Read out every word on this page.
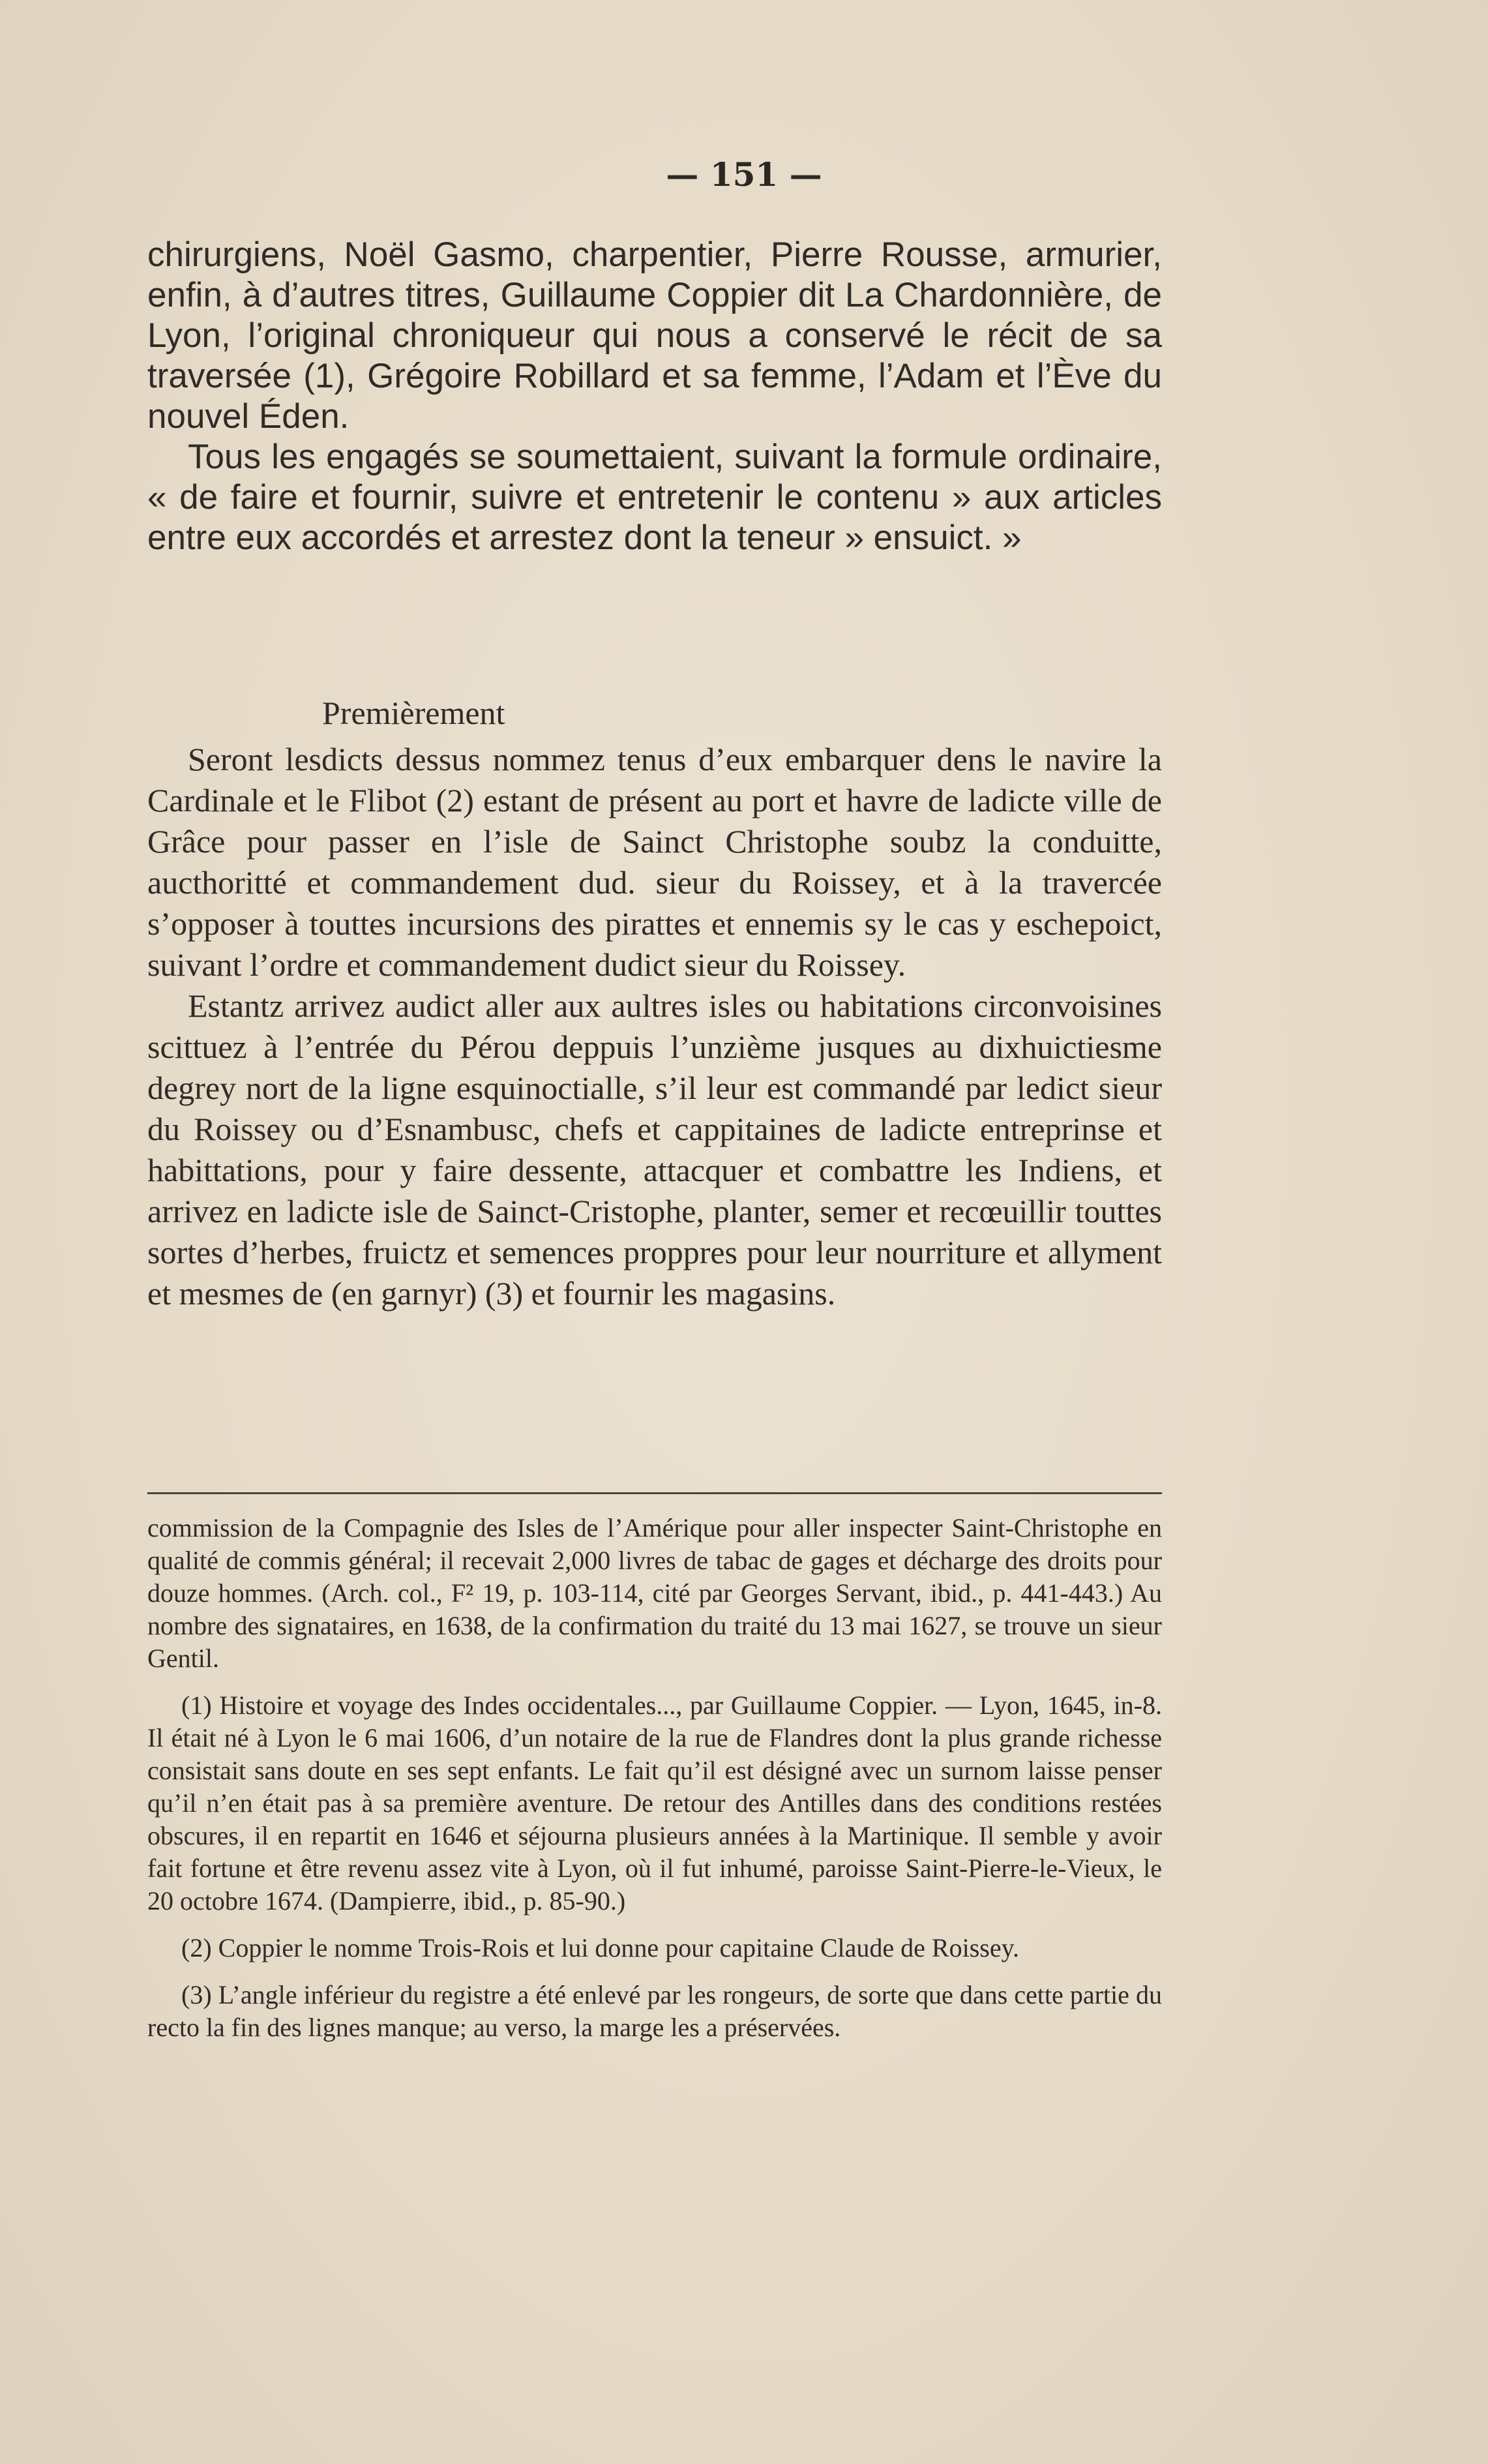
— 151 —

chirurgiens, Noël Gasmo, charpentier, Pierre Rousse, armurier, enfin, à d’autres titres, Guillaume Coppier dit La Chardonnière, de Lyon, l’original chroniqueur qui nous a conservé le récit de sa traversée (1), Grégoire Robillard et sa femme, l’Adam et l’Ève du nouvel Éden.

Tous les engagés se soumettaient, suivant la formule ordinaire, « de faire et fournir, suivre et entretenir le contenu » aux articles entre eux accordés et arrestez dont la teneur » ensuict. »

Premièrement

Seront lesdicts dessus nommez tenus d’eux embarquer dens le navire la Cardinale et le Flibot (2) estant de présent au port et havre de ladicte ville de Grâce pour passer en l’isle de Sainct Christophe soubz la conduitte, aucthoritté et commandement dud. sieur du Roissey, et à la travercée s’opposer à touttes incursions des pirattes et ennemis sy le cas y eschepoict, suivant l’ordre et commandement dudict sieur du Roissey.

Estantz arrivez audict aller aux aultres isles ou habitations circonvoisines scittuez à l’entrée du Pérou deppuis l’unzième jusques au dixhuictiesme degrey nort de la ligne esquinoctialle, s’il leur est commandé par ledict sieur du Roissey ou d’Esnambusc, chefs et cappitaines de ladicte entreprinse et habittations, pour y faire dessente, attacquer et combattre les Indiens, et arrivez en ladicte isle de Sainct-Cristophe, planter, semer et recœuillir touttes sortes d’herbes, fruictz et semences proppres pour leur nourriture et allyment et mesmes de (en garnyr) (3) et fournir les magasins.

commission de la Compagnie des Isles de l’Amérique pour aller inspecter Saint-Christophe en qualité de commis général; il recevait 2,000 livres de tabac de gages et décharge des droits pour douze hommes. (Arch. col., F² 19, p. 103-114, cité par Georges Servant, ibid., p. 441-443.) Au nombre des signataires, en 1638, de la confirmation du traité du 13 mai 1627, se trouve un sieur Gentil.

(1) Histoire et voyage des Indes occidentales..., par Guillaume Coppier. — Lyon, 1645, in-8. Il était né à Lyon le 6 mai 1606, d’un notaire de la rue de Flandres dont la plus grande richesse consistait sans doute en ses sept enfants. Le fait qu’il est désigné avec un surnom laisse penser qu’il n’en était pas à sa première aventure. De retour des Antilles dans des conditions restées obscures, il en repartit en 1646 et séjourna plusieurs années à la Martinique. Il semble y avoir fait fortune et être revenu assez vite à Lyon, où il fut inhumé, paroisse Saint-Pierre-le-Vieux, le 20 octobre 1674. (Dampierre, ibid., p. 85-90.)

(2) Coppier le nomme Trois-Rois et lui donne pour capitaine Claude de Roissey.

(3) L’angle inférieur du registre a été enlevé par les rongeurs, de sorte que dans cette partie du recto la fin des lignes manque; au verso, la marge les a préservées.
